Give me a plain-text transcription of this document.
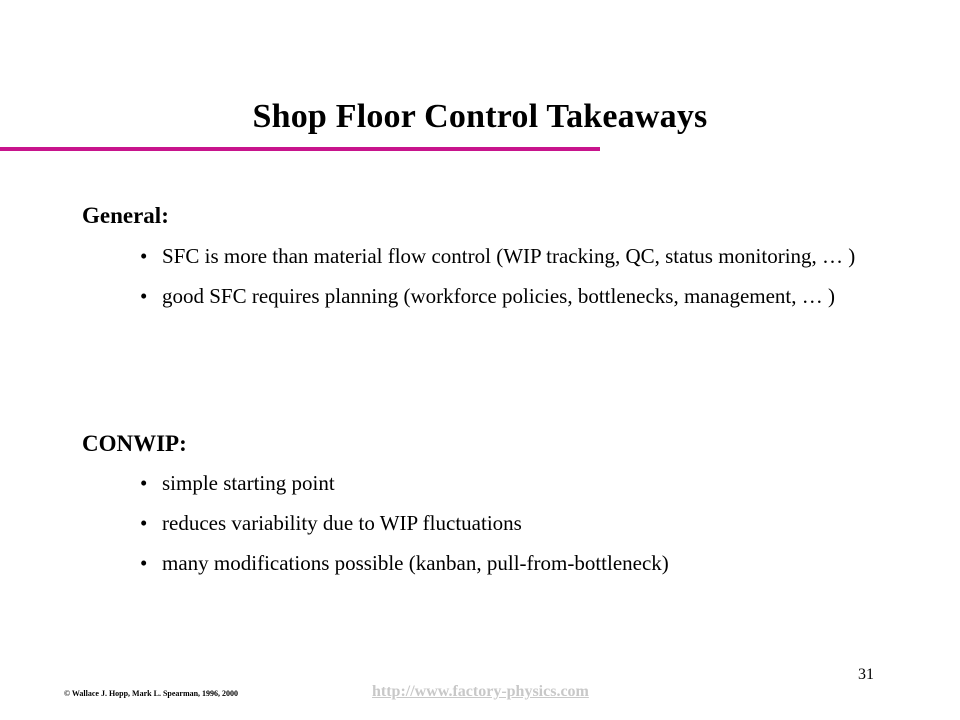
Shop Floor Control Takeaways
General:
• SFC is more than material flow control (WIP tracking, QC, status monitoring, … )
• good SFC requires planning (workforce policies, bottlenecks, management, … )
CONWIP:
• simple starting point
• reduces variability due to WIP fluctuations
• many modifications possible (kanban, pull-from-bottleneck)
31
© Wallace J. Hopp, Mark L. Spearman, 1996, 2000	http://www.factory-physics.com
